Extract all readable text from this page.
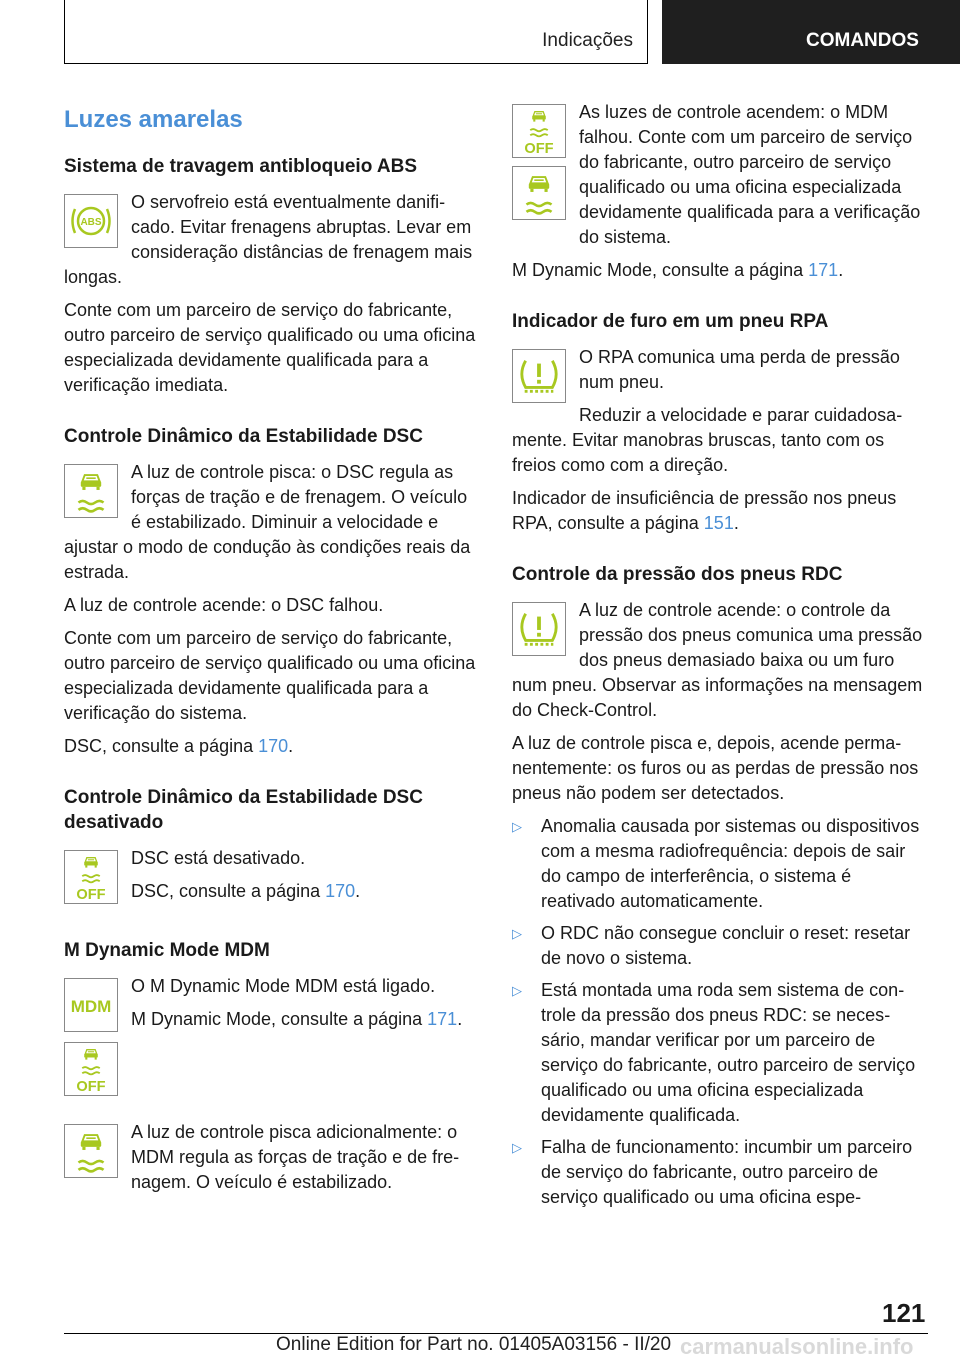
Indicações	COMANDOS
Luzes amarelas
Sistema de travagem antibloqueio ABS
ABS

O servofreio está eventualmente danificado. Evitar frenagens abruptas. Levar em consideração distâncias de frenagem mais longas.

Conte com um parceiro de serviço do fabricante, outro parceiro de serviço qualificado ou uma oficina especializada devidamente qualificada para a verificação imediata.

Controle Dinâmico da Estabilidade DSC

A luz de controle pisca: o DSC regula as forças de tração e de frenagem. O veículo é estabilizado. Diminuir a velocidade e ajustar o modo de condução às condições reais da estrada.

A luz de controle acende: o DSC falhou.

Conte com um parceiro de serviço do fabricante, outro parceiro de serviço qualificado ou uma oficina especializada devidamente qualificada para a verificação do sistema.

DSC, consulte a página 170.

Controle Dinâmico da Estabilidade DSC desativado
OFF

DSC está desativado.

DSC, consulte a página 170.

M Dynamic Mode MDM
MDM
OFF

O M Dynamic Mode MDM está ligado.

M Dynamic Mode, consulte a página 171.

A luz de controle pisca adicionalmente: o MDM regula as forças de tração e de frenagem. O veículo é estabilizado.

OFF

As luzes de controle acendem: o MDM falhou. Conte com um parceiro de serviço do fabricante, outro parceiro de serviço qualificado ou uma oficina especializada devidamente qualificada para a verificação do sistema.

M Dynamic Mode, consulte a página 171.

Indicador de furo em um pneu RPA

O RPA comunica uma perda de pressão num pneu.

Reduzir a velocidade e parar cuidadosamente. Evitar manobras bruscas, tanto com os freios como com a direção.

Indicador de insuficiência de pressão nos pneus RPA, consulte a página 151.

Controle da pressão dos pneus RDC

A luz de controle acende: o controle da pressão dos pneus comunica uma pressão dos pneus demasiado baixa ou um furo num pneu. Observar as informações na mensagem do Check-Control.

A luz de controle pisca e, depois, acende permanentemente: os furos ou as perdas de pressão nos pneus não podem ser detectados.

▷ Anomalia causada por sistemas ou dispositivos com a mesma radiofrequência: depois de sair do campo de interferência, o sistema é reativado automaticamente.
▷ O RDC não consegue concluir o reset: resetar de novo o sistema.
▷ Está montada uma roda sem sistema de controle da pressão dos pneus RDC: se necessário, mandar verificar por um parceiro de serviço do fabricante, outro parceiro de serviço qualificado ou uma oficina especializada devidamente qualificada.
▷ Falha de funcionamento: incumbir um parceiro de serviço do fabricante, outro parceiro de serviço qualificado ou uma oficina espe-
121
Online Edition for Part no. 01405A03156 - II/20 carmanualsonline.info
